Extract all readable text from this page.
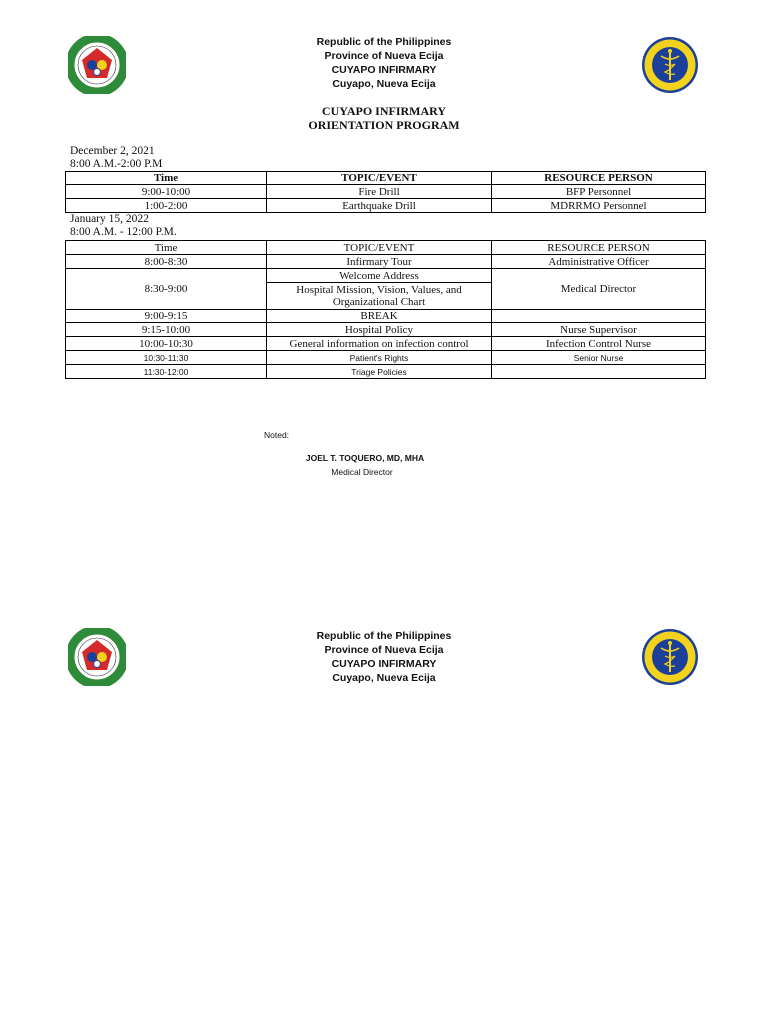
Republic of the Philippines
Province of Nueva Ecija
CUYAPO INFIRMARY
Cuyapo, Nueva Ecija
CUYAPO INFIRMARY
ORIENTATION PROGRAM
December 2, 2021
8:00 A.M.-2:00 P.M
Time	TOPIC/EVENT	RESOURCE PERSON
9:00-10:00	Fire Drill	BFP Personnel
1:00-2:00	Earthquake Drill	MDRRMO Personnel
January 15, 2022
8:00 A.M. - 12:00 P.M.
Time	TOPIC/EVENT	RESOURCE PERSON
8:00-8:30	Infirmary Tour	Administrative Officer
8:30-9:00	Welcome Address	Medical Director
	Hospital Mission, Vision, Values, and Organizational Chart	
9:00-9:15	BREAK	
9:15-10:00	Hospital Policy	Nurse Supervisor
10:00-10:30	General information on infection control	Infection Control Nurse
10:30-11:30	Patient's Rights	Senior Nurse
11:30-12:00	Triage Policies	
Noted:
JOEL T. TOQUERO, MD, MHA
Medical Director
Republic of the Philippines
Province of Nueva Ecija
CUYAPO INFIRMARY
Cuyapo, Nueva Ecija
